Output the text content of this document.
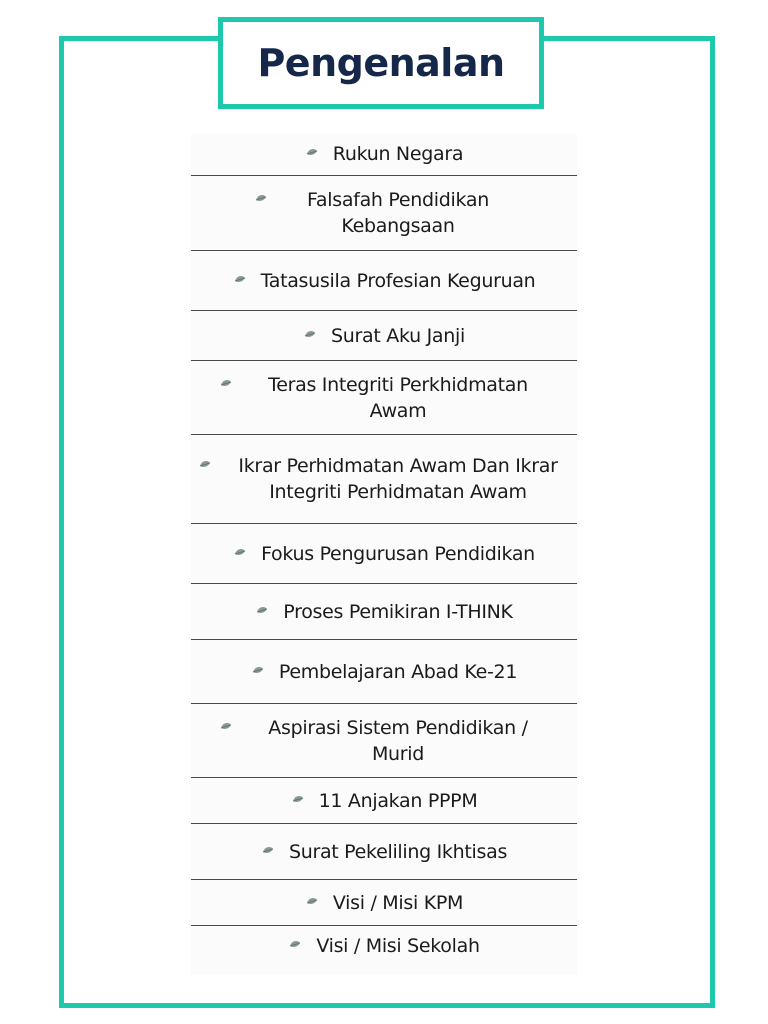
Pengenalan
Rukun Negara
Falsafah Pendidikan Kebangsaan
Tatasusila Profesian Keguruan
Surat Aku Janji
Teras Integriti Perkhidmatan Awam
Ikrar Perhidmatan Awam Dan Ikrar Integriti Perhidmatan Awam
Fokus Pengurusan Pendidikan
Proses Pemikiran I-THINK
Pembelajaran Abad Ke-21
Aspirasi Sistem Pendidikan / Murid
11 Anjakan PPPM
Surat Pekeliling Ikhtisas
Visi / Misi KPM
Visi / Misi Sekolah
